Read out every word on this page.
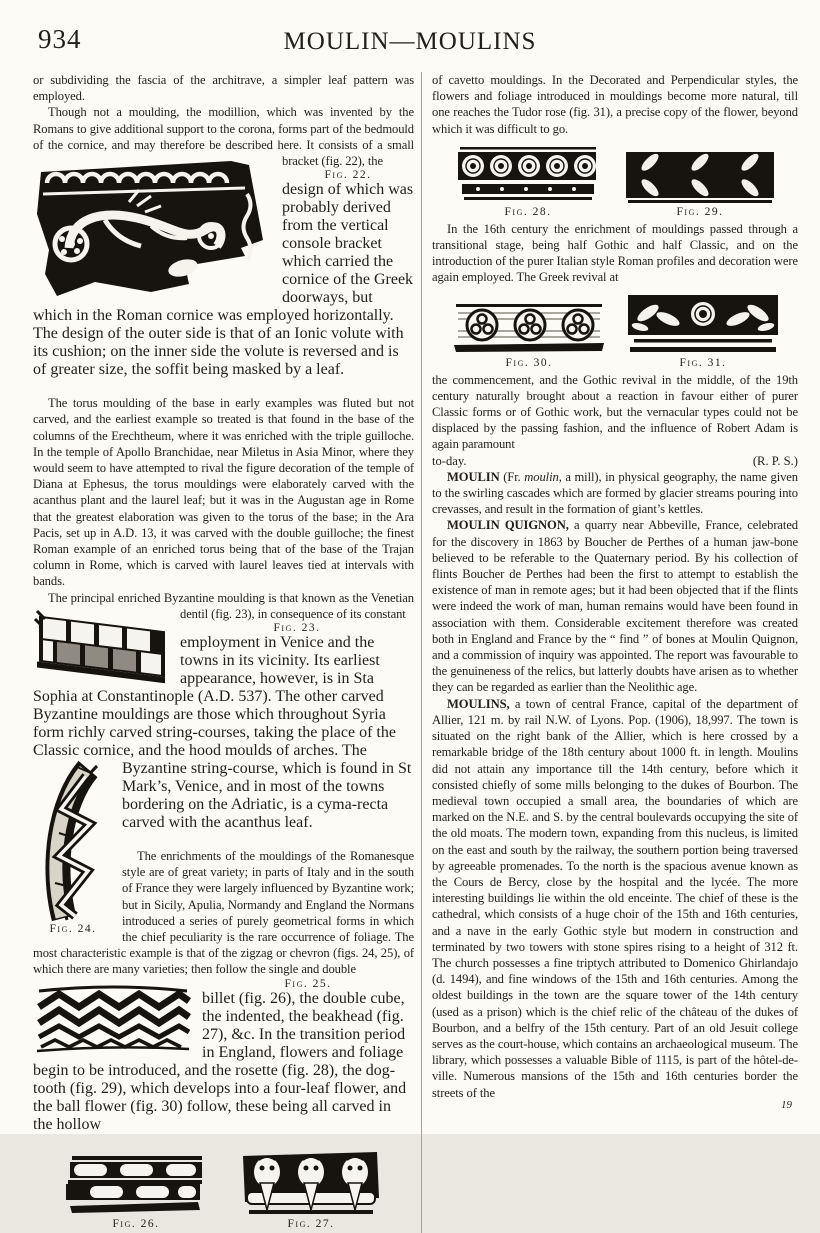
934	MOULIN—MOULINS

or subdividing the fascia of the architrave, a simpler leaf pattern was employed.

Though not a moulding, the modillion, which was invented by the Romans to give additional support to the corona, forms part of the bedmould of the cornice, and may therefore be described here. It consists of a small bracket (fig. 22), the

Fig. 22.
design of which was probably derived from the vertical console bracket which carried the cornice of the Greek doorways, but which in the Roman cornice was employed horizontally. The design of the outer side is that of an Ionic volute with its cushion; on the inner side the volute is reversed and is of greater size, the soffit being masked by a leaf.

The torus moulding of the base in early examples was fluted but not carved, and the earliest example so treated is that found in the base of the columns of the Erechtheum, where it was enriched with the triple guilloche. In the temple of Apollo Branchidae, near Miletus in Asia Minor, where they would seem to have attempted to rival the figure decoration of the temple of Diana at Ephesus, the torus mouldings were elaborately carved with the acanthus plant and the laurel leaf; but it was in the Augustan age in Rome that the greatest elaboration was given to the torus of the base; in the Ara Pacis, set up in A.D. 13, it was carved with the double guilloche; the finest Roman example of an enriched torus being that of the base of the Trajan column in Rome, which is carved with laurel leaves tied at intervals with bands.

The principal enriched Byzantine moulding is that known as the Venetian dentil (fig. 23), in consequence of its constant

Fig. 23.
employment in Venice and the towns in its vicinity. Its earliest appearance, however, is in Sta Sophia at Constantinople (A.D. 537). The other carved Byzantine mouldings are those which throughout Syria form richly carved string-courses, taking the place of the Classic cornice, and the hood moulds of arches. The Byzantine string-course, which is
Fig. 24.
found in St Mark’s, Venice, and in most of the towns bordering on the Adriatic, is a cyma-recta carved with the acanthus leaf.

The enrichments of the mouldings of the Romanesque style are of great variety; in parts of Italy and in the south of France they were largely influenced by Byzantine work; but in Sicily, Apulia, Normandy and England the Normans introduced a series of purely geometrical forms in which the chief peculiarity is the rare occurrence of foliage. The most characteristic example is that of the zigzag or chevron (figs. 24, 25), of which there are many varieties; then follow the single and double

Fig. 25.
billet (fig. 26), the double cube, the indented, the beakhead (fig. 27), &c. In the transition period in England, flowers and foliage begin to be introduced, and the rosette (fig. 28), the dog-tooth (fig. 29), which develops into a four-leaf flower, and the ball flower (fig. 30) follow, these being all carved in the hollow

Fig. 26.	Fig. 27.

of cavetto mouldings. In the Decorated and Perpendicular styles, the flowers and foliage introduced in mouldings become more natural, till one reaches the Tudor rose (fig. 31), a precise copy of the flower, beyond which it was difficult to go.

Fig. 28.	Fig. 29.

In the 16th century the enrichment of mouldings passed through a transitional stage, being half Gothic and half Classic, and on the introduction of the purer Italian style Roman profiles and decoration were again employed. The Greek revival at

Fig. 30.	Fig. 31.

the commencement, and the Gothic revival in the middle, of the 19th century naturally brought about a reaction in favour either of purer Classic forms or of Gothic work, but the vernacular types could not be displaced by the passing fashion, and the influence of Robert Adam is again paramount

to-day.	(R. P. S.)

MOULIN (Fr. moulin, a mill), in physical geography, the name given to the swirling cascades which are formed by glacier streams pouring into crevasses, and result in the formation of giant’s kettles.

MOULIN QUIGNON, a quarry near Abbeville, France, celebrated for the discovery in 1863 by Boucher de Perthes of a human jaw-bone believed to be referable to the Quaternary period. By his collection of flints Boucher de Perthes had been the first to attempt to establish the existence of man in remote ages; but it had been objected that if the flints were indeed the work of man, human remains would have been found in association with them. Considerable excitement therefore was created both in England and France by the “ find ” of bones at Moulin Quignon, and a commission of inquiry was appointed. The report was favourable to the genuineness of the relics, but latterly doubts have arisen as to whether they can be regarded as earlier than the Neolithic age.

MOULINS, a town of central France, capital of the department of Allier, 121 m. by rail N.W. of Lyons. Pop. (1906), 18,997. The town is situated on the right bank of the Allier, which is here crossed by a remarkable bridge of the 18th century about 1000 ft. in length. Moulins did not attain any importance till the 14th century, before which it consisted chiefly of some mills belonging to the dukes of Bourbon. The medieval town occupied a small area, the boundaries of which are marked on the N.E. and S. by the central boulevards occupying the site of the old moats. The modern town, expanding from this nucleus, is limited on the east and south by the railway, the southern portion being traversed by agreeable promenades. To the north is the spacious avenue known as the Cours de Bercy, close by the hospital and the lycée. The more interesting buildings lie within the old enceinte. The chief of these is the cathedral, which consists of a huge choir of the 15th and 16th centuries, and a nave in the early Gothic style but modern in construction and terminated by two towers with stone spires rising to a height of 312 ft. The church possesses a fine triptych attributed to Domenico Ghirlandajo (d. 1494), and fine windows of the 15th and 16th centuries. Among the oldest buildings in the town are the square tower of the 14th century (used as a prison) which is the chief relic of the château of the dukes of Bourbon, and a belfry of the 15th century. Part of an old Jesuit college serves as the court-house, which contains an archaeological museum. The library, which possesses a valuable Bible of 1115, is part of the hôtel-de-ville. Numerous mansions of the 15th and 16th centuries border the streets of the

19
